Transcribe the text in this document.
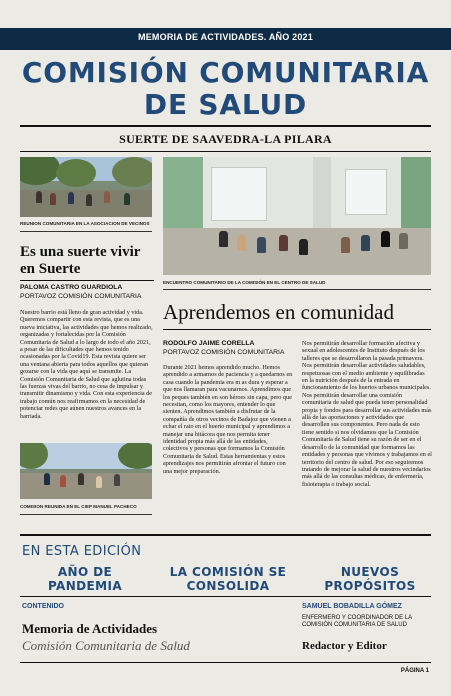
MEMORIA DE ACTIVIDADES. AÑO 2021
COMISIÓN COMUNITARIA
DE SALUD
SUERTE DE SAAVEDRA-LA PILARA
REUNION COMUNITARIA EN LA ASOCIACION DE VECINOS
ENCUENTRO COMUNITARIO DE LA COMISIÓN EN EL CENTRO DE SALUD
Es una suerte vivir en Suerte
PALOMA CASTRO GUARDIOLA
PORTAVOZ COMISIÓN COMUNITARIA
Nuestro barrio está lleno de gran actividad y vida. Queremos compartir con esta revista, que es una nueva iniciativa, las actividades que hemos realizado, organizadas y fortalecidas por la Comisión Comunitaria de Salud a lo largo de todo el año 2021, a pesar de las dificultades que hemos tenido ocasionadas por la Covid19. Esta revista quiere ser una ventana abierta para todos aquellos que quieran gozarse con la vida que aquí se transmite. La Comisión Comunitaria de Salud que aglutina todas las fuerzas vivas del barrio, no cesa de impulsar y transmitir dinamismo y vida. Con esta experiencia de trabajo común nos reafirmamos en la necesidad de potenciar redes que aúnen nuestros avances en la barriada.
COMISION REUNIDA EN EL CIEP MANUEL PACHECO
Aprendemos en comunidad
RODOLFO JAIME CORELLA
PORTAVOZ COMISIÓN COMUNITARIA
Durante 2021 hemos aprendido mucho. Hemos aprendido a armarnos de paciencia y a quedarnos en casa cuando la pandemia era m as dura y esperar a que nos llamaran para vacunarnos. Aprendimos que los peques también en son héroes sin capa, pero que necesitan, como los mayores, entender lo que sienten. Aprendimos también a disfrutar de la compañía de otros vecinos de Badajoz que vienen a echar el rato en el huerto municipal y aprendimos a manejar una bitácora que nos permita tener identidad propia más allá de las entidades, colectivos y personas que formamos la Comisión Comunitaria de Salud. Estas herramientas y estos aprendizajes nos permitirán afrontar el futuro con una mejor preparación.
Nos permitirán desarrollar formación afectiva y sexual en adolescentes de Instituto después de los talleres que se desarrollaron la pasada primavera. Nos permitirán desarrollar actividades saludables, respetuosas con el medio ambiente y equilibradas en la nutrición después de la entrada en funcionamiento de los huertos urbanos municipales. Nos permitirán desarrollar una comisión comunitaria de salud que pueda tener personalidad propia y fondos para desarrollar sus actividades más allá de las aportaciones y actividades que desarrollen sus componentes. Pero nada de esto tiene sentido si nos olvidamos que la Comisión Comunitaria de Salud tiene su razón de ser en el desarrollo de la comunidad que formamos las entidades y personas que vivimos y trabajamos en el territorio del centro de salud. Por eso seguiremos tratando de mejorar la salud de nuestros vecindarios más allá de las consultas médicas, de enfermería, fisioterapia o trabajo social.
EN ESTA EDICIÓN
AÑO DE PANDEMIA
LA COMISIÓN SE CONSOLIDA
NUEVOS PROPÓSITOS
CONTENIDO
Memoria de Actividades
Comisión Comunitaria de Salud
SAMUEL BOBADILLA GÓMEZ
ENFERMERO Y COORDINADOR DE LA COMISIÓN COMUNITARIA DE SALUD
Redactor y Editor
PÁGINA 1
